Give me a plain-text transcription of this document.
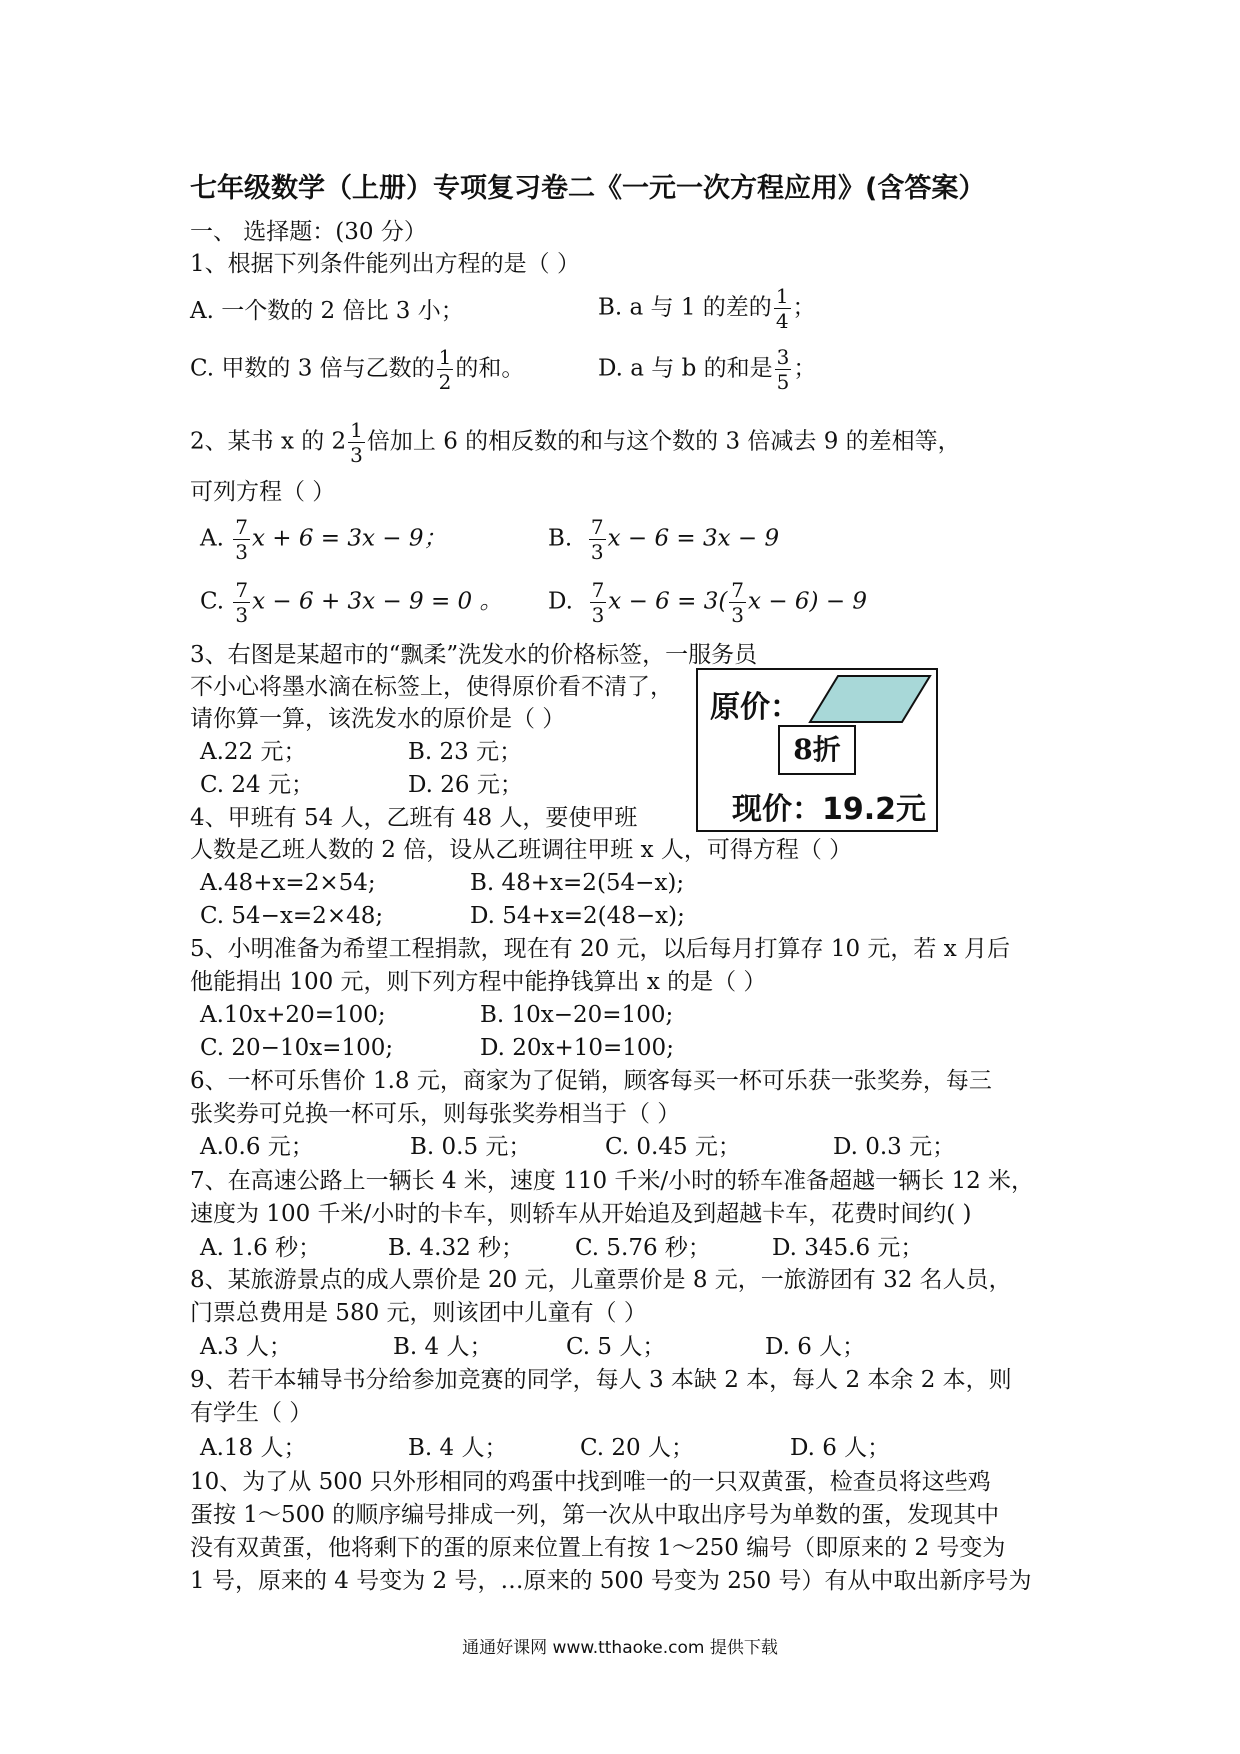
七年级数学（上册）专项复习卷二《一元一次方程应用》(含答案）
一、 选择题：(30 分）
1、根据下列条件能列出方程的是（ ）
A. 一个数的 2 倍比 3 小；	B. a 与 1 的差的 $\frac{1}{4}$ ；
C. 甲数的 3 倍与乙数的 $\frac{1}{2}$ 的和。	D. a 与 b 的和是 $\frac{3}{5}$ ；
2、某书 x 的 $2 \frac{1}{3}$ 倍加上 6 的相反数的和与这个数的 3 倍减去 9 的差相等，
可列方程（ ）
A. $\frac{7}{3}$ x + 6 = 3x − 9；	B. $\frac{7}{3}$ x − 6 = 3x − 9
C. $\frac{7}{3}$ x − 6 + 3x − 9 = 0 。 D. $\frac{7}{3}$ $x - 6 = 3( \frac{7}{3}$ x − 6) − 9
3、右图是某超市的“飘柔”洗发水的价格标签，一服务员
不小心将墨水滴在标签上，使得原价看不清了，
请你算一算，该洗发水的原价是（ ）
A.22 元；	B. 23 元；
C. 24 元；	D. 26 元；
原价：
8折
现价：19.2元
4、甲班有 54 人，乙班有 48 人，要使甲班
人数是乙班人数的 2 倍，设从乙班调往甲班 x 人，可得方程（ ）
A.48+x=2×54;	B. 48+x=2(54−x);
C. 54−x=2×48;	D. 54+x=2(48−x);
5、小明准备为希望工程捐款，现在有 20 元，以后每月打算存 10 元，若 x 月后
他能捐出 100 元，则下列方程中能挣钱算出 x 的是（ ）
A.10x+20=100;	B. 10x−20=100;
C. 20−10x=100;	D. 20x+10=100;
6、一杯可乐售价 1.8 元，商家为了促销，顾客每买一杯可乐获一张奖券，每三
张奖券可兑换一杯可乐，则每张奖券相当于（ ）
A.0.6 元；	B. 0.5 元；	C. 0.45 元；	D. 0.3 元；
7、在高速公路上一辆长 4 米，速度 110 千米/小时的轿车准备超越一辆长 12 米，
速度为 100 千米/小时的卡车，则轿车从开始追及到超越卡车，花费时间约( )
A. 1.6 秒；	B. 4.32 秒； C. 5.76 秒；	D. 345.6 元；
8、某旅游景点的成人票价是 20 元，儿童票价是 8 元，一旅游团有 32 名人员，
门票总费用是 580 元，则该团中儿童有（ ）
A.3 人；	B. 4 人；	C. 5 人；	D. 6 人；
9、若干本辅导书分给参加竞赛的同学，每人 3 本缺 2 本，每人 2 本余 2 本，则
有学生（ ）
A.18 人；	B. 4 人；	C. 20 人；	D. 6 人；
10、为了从 500 只外形相同的鸡蛋中找到唯一的一只双黄蛋，检查员将这些鸡
蛋按 1～500 的顺序编号排成一列，第一次从中取出序号为单数的蛋，发现其中
没有双黄蛋，他将剩下的蛋的原来位置上有按 1～250 编号（即原来的 2 号变为
1 号，原来的 4 号变为 2 号，…原来的 500 号变为 250 号）有从中取出新序号为
通通好课网 www.tthaoke.com 提供下载
